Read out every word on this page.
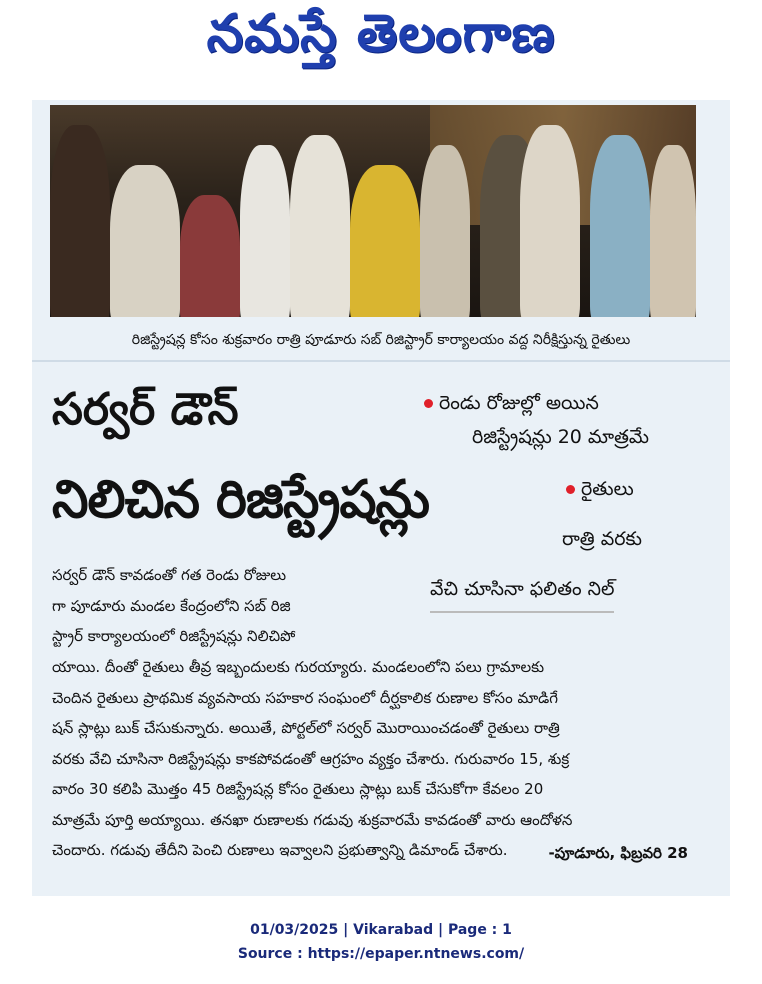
నమస్తే తెలంగాణ
రిజిస్ట్రేషన్ల కోసం శుక్రవారం రాత్రి పూడూరు సబ్ రిజిస్ట్రార్ కార్యాలయం వద్ద నిరీక్షిస్తున్న రైతులు
సర్వర్ డౌన్
నిలిచిన రిజిస్ట్రేషన్లు
రెండు రోజుల్లో అయిన
రిజిస్ట్రేషన్లు 20 మాత్రమే
రైతులు
రాత్రి వరకు
వేచి చూసినా ఫలితం నిల్
సర్వర్ డౌన్ కావడంతో గత రెండు రోజులు
గా పూడూరు మండల కేంద్రంలోని సబ్ రిజి
స్ట్రార్ కార్యాలయంలో రిజిస్ట్రేషన్లు నిలిచిపో
యాయి. దీంతో రైతులు తీవ్ర ఇబ్బందులకు గురయ్యారు. మండలంలోని పలు గ్రామాలకు
చెందిన రైతులు ప్రాథమిక వ్యవసాయ సహకార సంఘంలో దీర్ఘకాలిక రుణాల కోసం మాడిగే
షన్ స్లాట్లు బుక్ చేసుకున్నారు. అయితే, పోర్టల్‌లో సర్వర్ మొరాయించడంతో రైతులు రాత్రి
వరకు వేచి చూసినా రిజిస్ట్రేషన్లు కాకపోవడంతో ఆగ్రహం వ్యక్తం చేశారు. గురువారం 15, శుక్ర
వారం 30 కలిపి మొత్తం 45 రిజిస్ట్రేషన్ల కోసం రైతులు స్లాట్లు బుక్ చేసుకోగా కేవలం 20
మాత్రమే పూర్తి అయ్యాయి. తనఖా రుణాలకు గడువు శుక్రవారమే కావడంతో వారు ఆందోళన
చెందారు. గడువు తేదీని పెంచి రుణాలు ఇవ్వాలని ప్రభుత్వాన్ని డిమాండ్ చేశారు.	-పూడూరు, ఫిబ్రవరి 28
01/03/2025 | Vikarabad | Page : 1
Source : https://epaper.ntnews.com/
